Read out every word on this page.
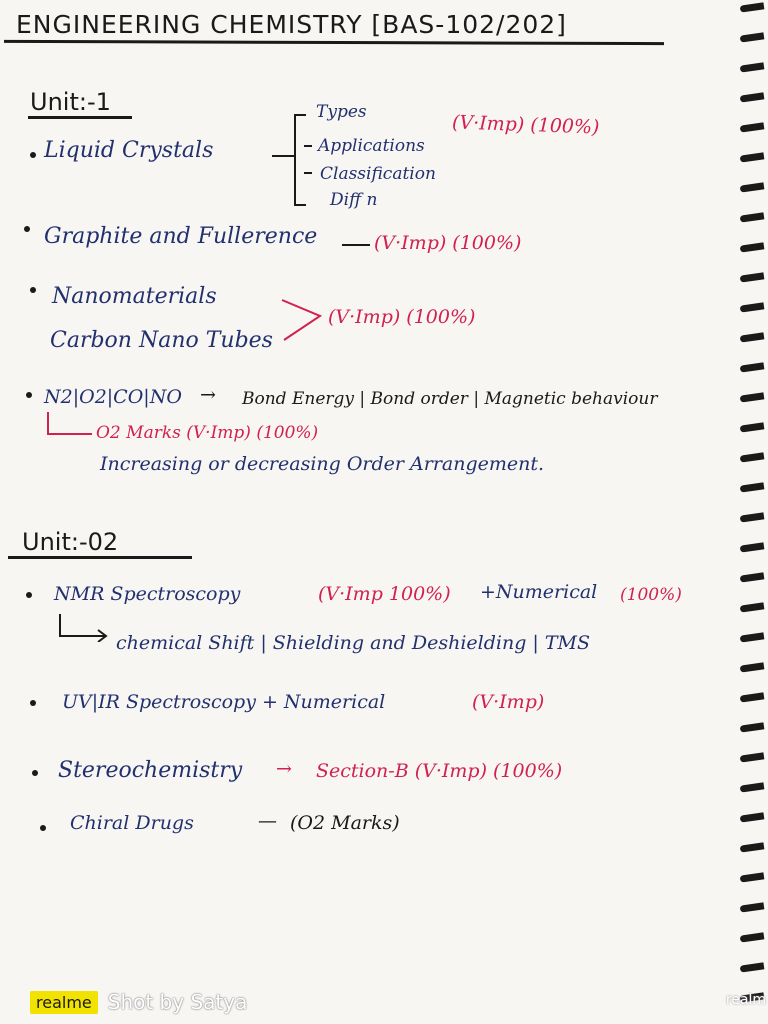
ENGINEERING CHEMISTRY [BAS-102/202]
Unit:-1
Liquid Crystals
Types
Applications
Classification
Diff n
(V·Imp) (100%)
Graphite and Fullerence	(V·Imp) (100%)
Nanomaterials
Carbon Nano Tubes
(V·Imp) (100%)
N2|O2|CO|NO → Bond Energy | Bond order | Magnetic behaviour
O2 Marks (V·Imp) (100%)
Increasing or decreasing Order Arrangement.
Unit:-02
NMR Spectroscopy	(V·Imp 100%) +Numerical (100%)
chemical Shift | Shielding and Deshielding | TMS
UV|IR Spectroscopy + Numerical	(V·Imp)
Stereochemistry → Section-B (V·Imp) (100%)
Chiral Drugs	— (O2 Marks)
realme Shot by Satya	realm
